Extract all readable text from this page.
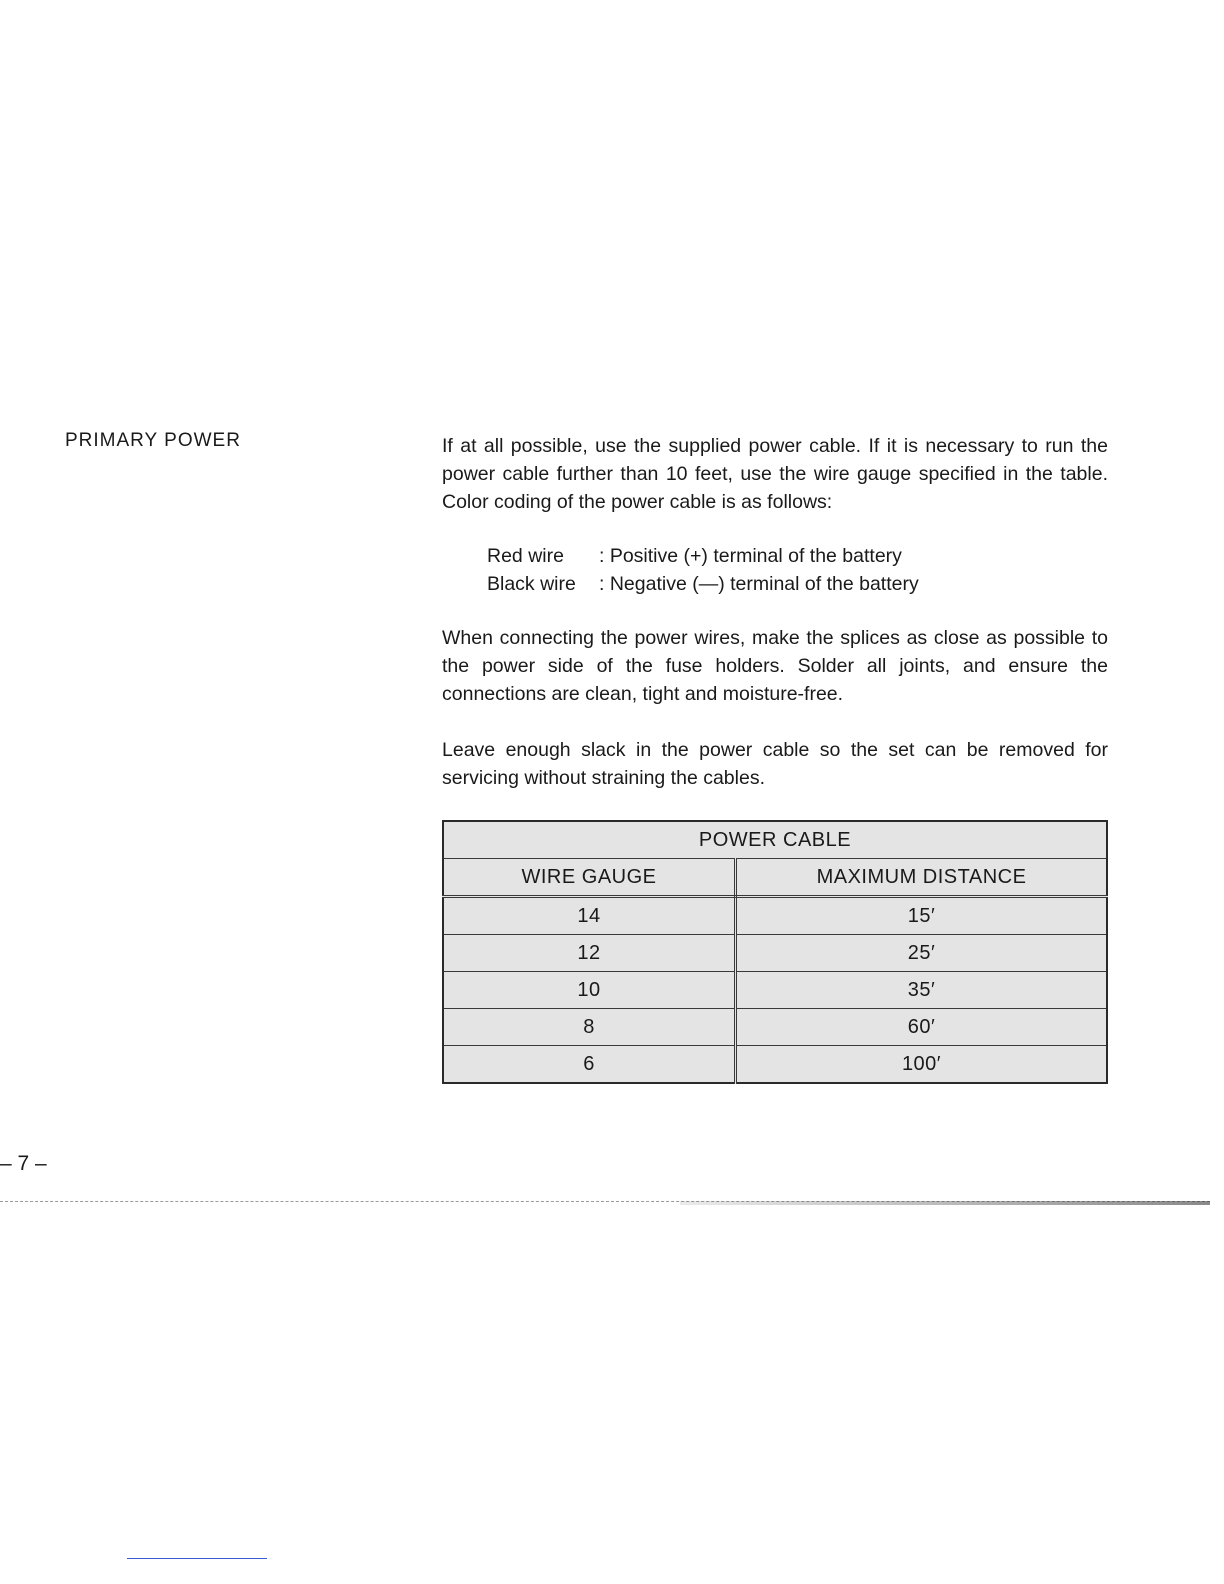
PRIMARY POWER	If at all possible, use the supplied power cable. If it is necessary to run the power cable further than 10 feet, use the wire gauge specified in the table. Color coding of the power cable is as follows:

Red wire	: Positive (+) terminal of the battery
Black wire	: Negative (—) terminal of the battery

When connecting the power wires, make the splices as close as possible to the power side of the fuse holders. Solder all joints, and ensure the connections are clean, tight and moisture-free.

Leave enough slack in the power cable so the set can be removed for servicing without straining the cables.

POWER CABLE	
WIRE GAUGE	MAXIMUM DISTANCE
14	15′
12	25′
10	35′
8	60′
6	100′
– 7 –
